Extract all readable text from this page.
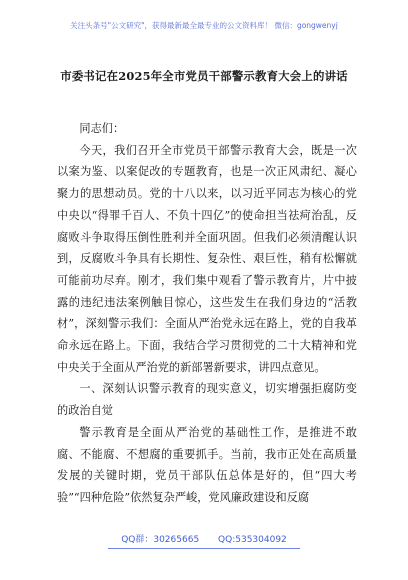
关注头条号"公文研究"，获得最新最全最专业的公文资料库！ 微信：gongwenyj
市委书记在2025年全市党员干部警示教育大会上的讲话

同志们：

今天，我们召开全市党员干部警示教育大会，既是一次以案为鉴、以案促改的专题教育，也是一次正风肃纪、凝心聚力的思想动员。党的十八以来，以习近平同志为核心的党中央以“得罪千百人、不负十四亿”的使命担当祛疴治乱，反腐败斗争取得压倒性胜利并全面巩固。但我们必须清醒认识到，反腐败斗争具有长期性、复杂性、艰巨性，稍有松懈就可能前功尽弃。刚才，我们集中观看了警示教育片，片中披露的违纪违法案例触目惊心，这些发生在我们身边的“活教材”，深刻警示我们：全面从严治党永远在路上，党的自我革命永远在路上。下面，我结合学习贯彻党的二十大精神和党中央关于全面从严治党的新部署新要求，讲四点意见。

一、深刻认识警示教育的现实意义，切实增强拒腐防变的政治自觉

警示教育是全面从严治党的基础性工作，是推进不敢腐、不能腐、不想腐的重要抓手。当前，我市正处在高质量发展的关键时期，党员干部队伍总体是好的，但“四大考验”“四种危险”依然复杂严峻，党风廉政建设和反腐

QQ群：30265665 QQ:535304092
